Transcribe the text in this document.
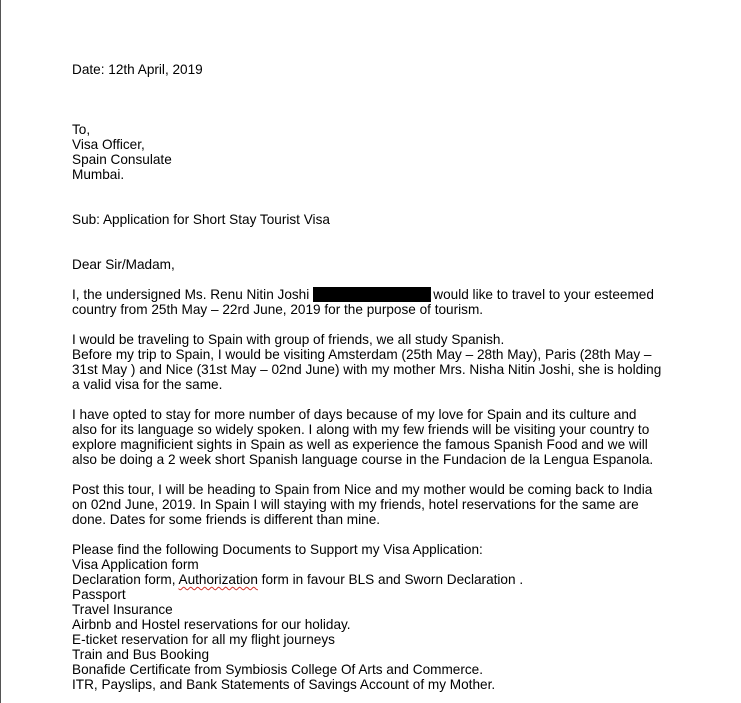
Date: 12th April, 2019
To,
Visa Officer,
Spain Consulate
Mumbai.
Sub: Application for Short Stay Tourist Visa
Dear Sir/Madam,
I, the undersigned Ms. Renu Nitin Joshi	would like to travel to your esteemed
country from 25th May – 22rd June, 2019 for the purpose of tourism.
I would be traveling to Spain with group of friends, we all study Spanish.
Before my trip to Spain, I would be visiting Amsterdam (25th May – 28th May), Paris (28th May –
31st May ) and Nice (31st May – 02nd June) with my mother Mrs. Nisha Nitin Joshi, she is holding
a valid visa for the same.
I have opted to stay for more number of days because of my love for Spain and its culture and
also for its language so widely spoken. I along with my few friends will be visiting your country to
explore magnificient sights in Spain as well as experience the famous Spanish Food and we will
also be doing a 2 week short Spanish language course in the Fundacion de la Lengua Espanola.
Post this tour, I will be heading to Spain from Nice and my mother would be coming back to India
on 02nd June, 2019. In Spain I will staying with my friends, hotel reservations for the same are
done. Dates for some friends is different than mine.
Please find the following Documents to Support my Visa Application:
Visa Application form
Declaration form, Authorization form in favour BLS and Sworn Declaration .
Passport
Travel Insurance
Airbnb and Hostel reservations for our holiday.
E-ticket reservation for all my flight journeys
Train and Bus Booking
Bonafide Certificate from Symbiosis College Of Arts and Commerce.
ITR, Payslips, and Bank Statements of Savings Account of my Mother.
